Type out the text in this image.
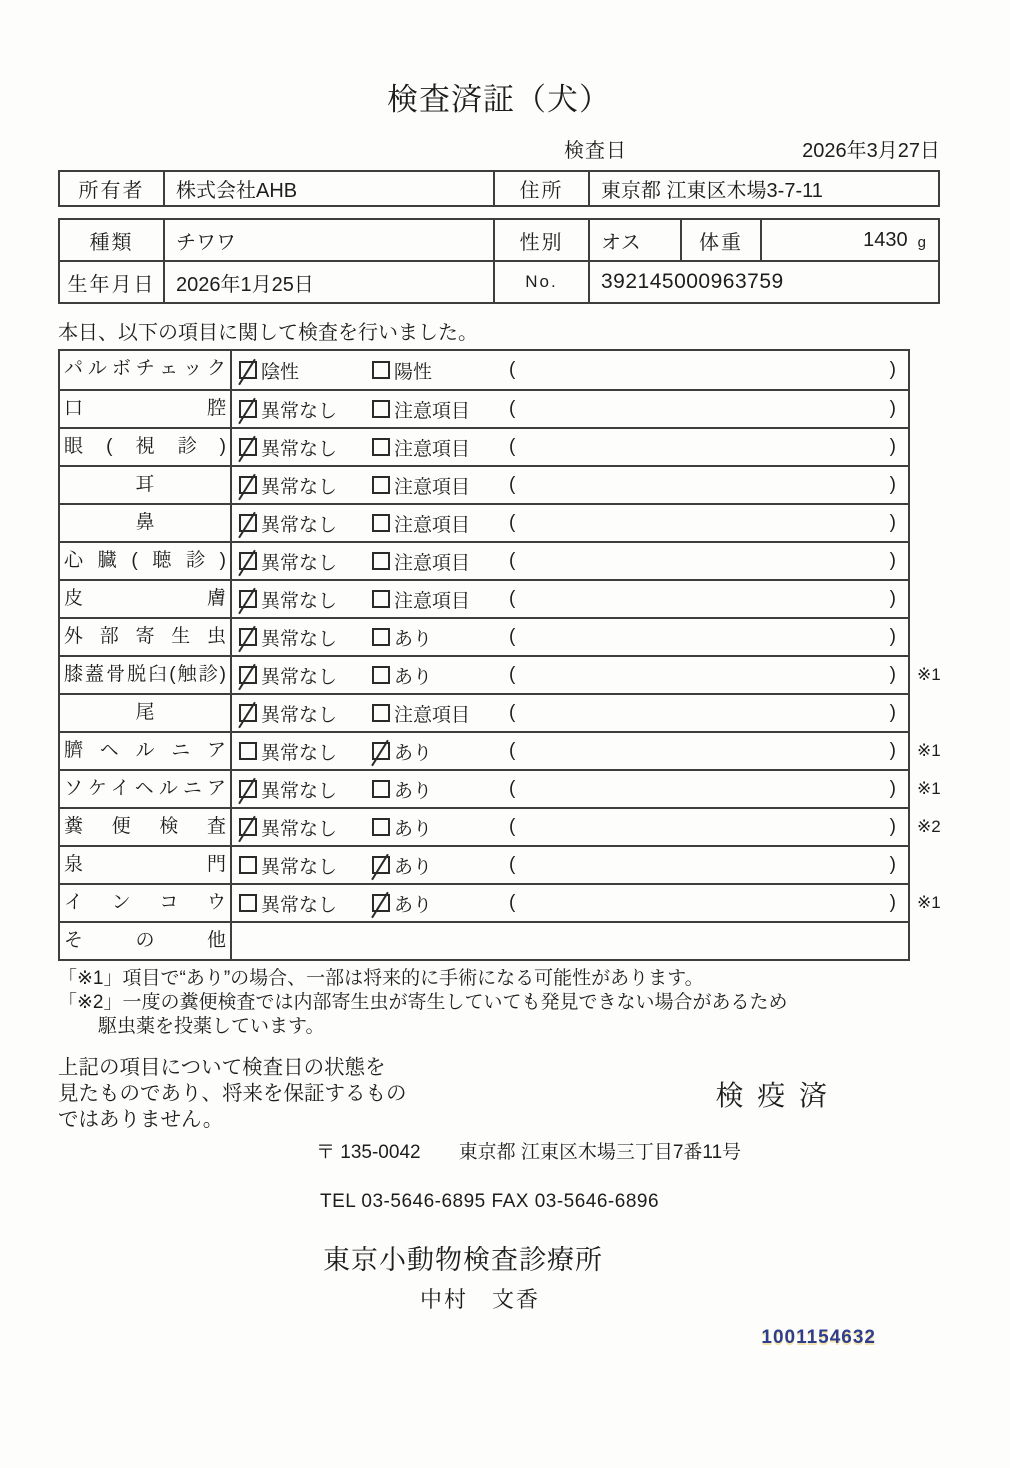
検査済証（犬）
検査日	2026年3月27日
所有者	株式会社AHB	住所	東京都 江東区木場3-7-11
種類	チワワ	性別	オス	体重	1430 g
生年月日	2026年1月25日	No.	392145000963759
本日、以下の項目に関して検査を行いました。
パルボチェック	陰性	陽性	(	)
口腔	異常なし	注意項目 (	)
眼(視診)	異常なし	注意項目 (	)
耳	異常なし	注意項目 (	)
鼻	異常なし	注意項目 (	)
心臓(聴診)	異常なし	注意項目 (	)
皮膚	異常なし	注意項目 (	)
外部寄生虫	異常なし	あり	(	)
膝蓋骨脱臼(触診)	異常なし	あり	(	)	※1
尾	異常なし	注意項目 (	)
臍ヘルニア	異常なし	あり	(	)	※1
ソケイヘルニア	異常なし	あり	(	)	※1
糞便検査	異常なし	あり	(	)	※2
泉門	異常なし	あり	(	)
インコウ	異常なし	あり	(	)	※1
その他
「※1」項目で“あり”の場合、一部は将来的に手術になる可能性があります。
「※2」一度の糞便検査では内部寄生虫が寄生していても発見できない場合があるため
駆虫薬を投薬しています。
上記の項目について検査日の状態を
見たものであり、将来を保証するもの
ではありません。
検 疫 済
〒 135-0042 東京都 江東区木場三丁目7番11号
TEL 03-5646-6895 FAX 03-5646-6896
東京小動物検査診療所
中村　文香
1001154632
